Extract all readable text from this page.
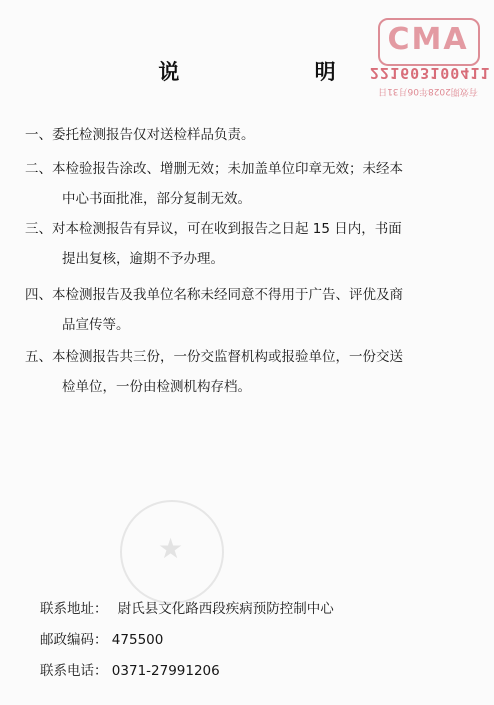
CMA
221603100411
有效期2028年06月31日
★
说 明
一、委托检测报告仅对送检样品负责。
二、本检验报告涂改、增删无效；未加盖单位印章无效；未经本
中心书面批准，部分复制无效。
三、对本检测报告有异议，可在收到报告之日起 15 日内，书面
提出复核，逾期不予办理。
四、本检测报告及我单位名称未经同意不得用于广告、评优及商
品宣传等。
五、本检测报告共三份，一份交监督机构或报验单位，一份交送
检单位，一份由检测机构存档。
联系地址： 尉氏县文化路西段疾病预防控制中心
邮政编码： 475500
联系电话： 0371-27991206
